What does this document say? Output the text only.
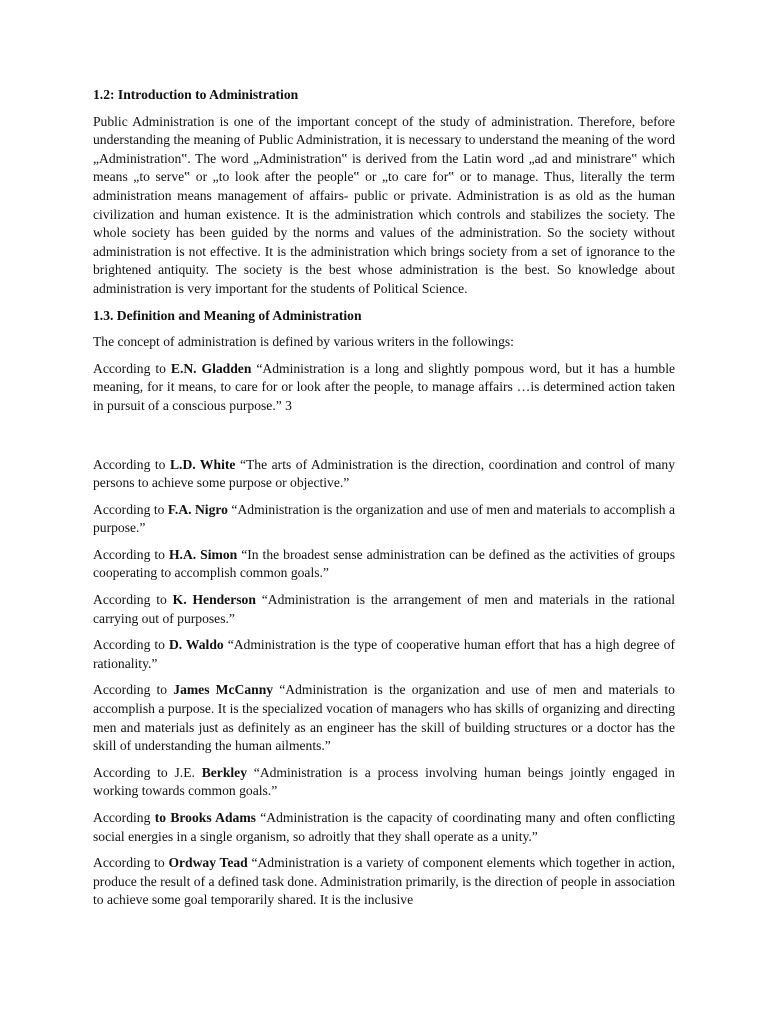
1.2: Introduction to Administration

Public Administration is one of the important concept of the study of administration. Therefore, before understanding the meaning of Public Administration, it is necessary to understand the meaning of the word „Administration‟. The word „Administration‟ is derived from the Latin word „ad and ministrare‟ which means „to serve‟ or „to look after the people‟ or „to care for‟ or to manage. Thus, literally the term administration means management of affairs- public or private. Administration is as old as the human civilization and human existence. It is the administration which controls and stabilizes the society. The whole society has been guided by the norms and values of the administration. So the society without administration is not effective. It is the administration which brings society from a set of ignorance to the brightened antiquity. The society is the best whose administration is the best. So knowledge about administration is very important for the students of Political Science.

1.3. Definition and Meaning of Administration

The concept of administration is defined by various writers in the followings:

According to E.N. Gladden “Administration is a long and slightly pompous word, but it has a humble meaning, for it means, to care for or look after the people, to manage affairs …is determined action taken in pursuit of a conscious purpose.” 3

According to L.D. White “The arts of Administration is the direction, coordination and control of many persons to achieve some purpose or objective.”

According to F.A. Nigro “Administration is the organization and use of men and materials to accomplish a purpose.”

According to H.A. Simon “In the broadest sense administration can be defined as the activities of groups cooperating to accomplish common goals.”

According to K. Henderson “Administration is the arrangement of men and materials in the rational carrying out of purposes.”

According to D. Waldo “Administration is the type of cooperative human effort that has a high degree of rationality.”

According to James McCanny “Administration is the organization and use of men and materials to accomplish a purpose. It is the specialized vocation of managers who has skills of organizing and directing men and materials just as definitely as an engineer has the skill of building structures or a doctor has the skill of understanding the human ailments.”

According to J.E. Berkley “Administration is a process involving human beings jointly engaged in working towards common goals.”

According to Brooks Adams “Administration is the capacity of coordinating many and often conflicting social energies in a single organism, so adroitly that they shall operate as a unity.”

According to Ordway Tead “Administration is a variety of component elements which together in action, produce the result of a defined task done. Administration primarily, is the direction of people in association to achieve some goal temporarily shared. It is the inclusive
